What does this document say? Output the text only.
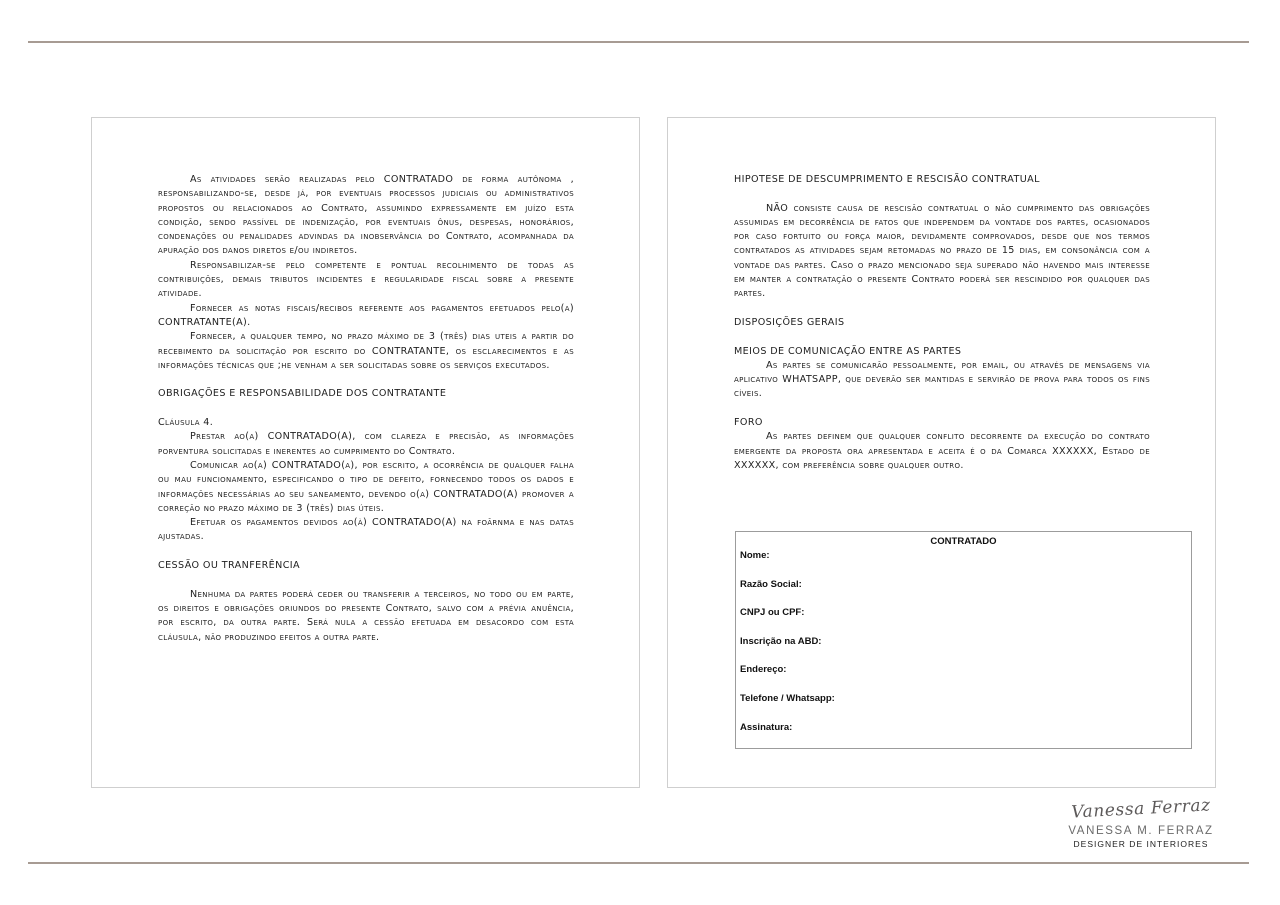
As atividades serão realizadas pelo CONTRATADO de forma autônoma , responsabilizando-se, desde já, por eventuais processos judiciais ou administrativos propostos ou relacionados ao Contrato, assumindo expressamente em juízo esta condição, sendo passível de indenização, por eventuais ônus, despesas, honorários, condenações ou penalidades advindas da inobservância do Contrato, acompanhada da apuração dos danos diretos e/ou indiretos.

Responsabilizar-se pelo competente e pontual recolhimento de todas as contribuições, demais tributos incidentes e regularidade fiscal sobre a presente atividade.

Fornecer as notas fiscais/recibos referente aos pagamentos efetuados pelo(a) CONTRATANTE(A).

Fornecer, a qualquer tempo, no prazo máximo de 3 (três) dias uteis a partir do recebimento da solicitação por escrito do CONTRATANTE, os esclarecimentos e as informações técnicas que ;he venham a ser solicitadas sobre os serviços executados.

OBRIGAÇÕES E RESPONSABILIDADE DOS CONTRATANTE

Cláusula 4.

Prestar ao(a) CONTRATADO(A), com clareza e precisão, as informações porventura solicitadas e inerentes ao cumprimento do Contrato.

Comunicar ao(a) CONTRATADO(a), por escrito, a ocorrência de qualquer falha ou mau funcionamento, especificando o tipo de defeito, fornecendo todos os dados e informações necessárias ao seu saneamento, devendo o(a) CONTRATADO(A) promover a correção no prazo máximo de 3 (três) dias úteis.

Efetuar os pagamentos devidos ao(à) CONTRATADO(A) na foãrnma e nas datas ajustadas.

CESSÃO OU TRANFERÊNCIA

Nenhuma da partes poderá ceder ou transferir a terceiros, no todo ou em parte, os direitos e obrigações oriundos do presente Contrato, salvo com a prévia anuência, por escrito, da outra parte. Será nula a cessão efetuada em desacordo com esta cláusula, não produzindo efeitos a outra parte.

HIPOTESE DE DESCUMPRIMENTO E RESCISÃO CONTRATUAL

NÃO consiste causa de rescisão contratual o não cumprimento das obrigações assumidas em decorrência de fatos que independem da vontade dos partes, ocasionados por caso fortuito ou força maior, devidamente comprovados, desde que nos termos contratados as atividades sejam retomadas no prazo de 15 dias, em consonância com a vontade das partes. Caso o prazo mencionado seja superado não havendo mais interesse em manter a contratação o presente Contrato poderá ser rescindido por qualquer das partes.

DISPOSIÇÕES GERAIS

MEIOS DE COMUNICAÇÃO ENTRE AS PARTES

As partes se comunicarão pessoalmente, por email, ou através de mensagens via aplicativo WHATSAPP, que deverão ser mantidas e servirão de prova para todos os fins cíveis.

FORO

As partes definem que qualquer conflito decorrente da execução do contrato emergente da proposta ora apresentada e aceita é o da Comarca XXXXXX, Estado de XXXXXX, com preferência sobre qualquer outro.

CONTRATADO
Nome:
Razão Social:
CNPJ ou CPF:
Inscrição na ABD:
Endereço:
Telefone / Whatsapp:
Assinatura:
Vanessa Ferraz
VANESSA M. FERRAZ
DESIGNER DE INTERIORES
